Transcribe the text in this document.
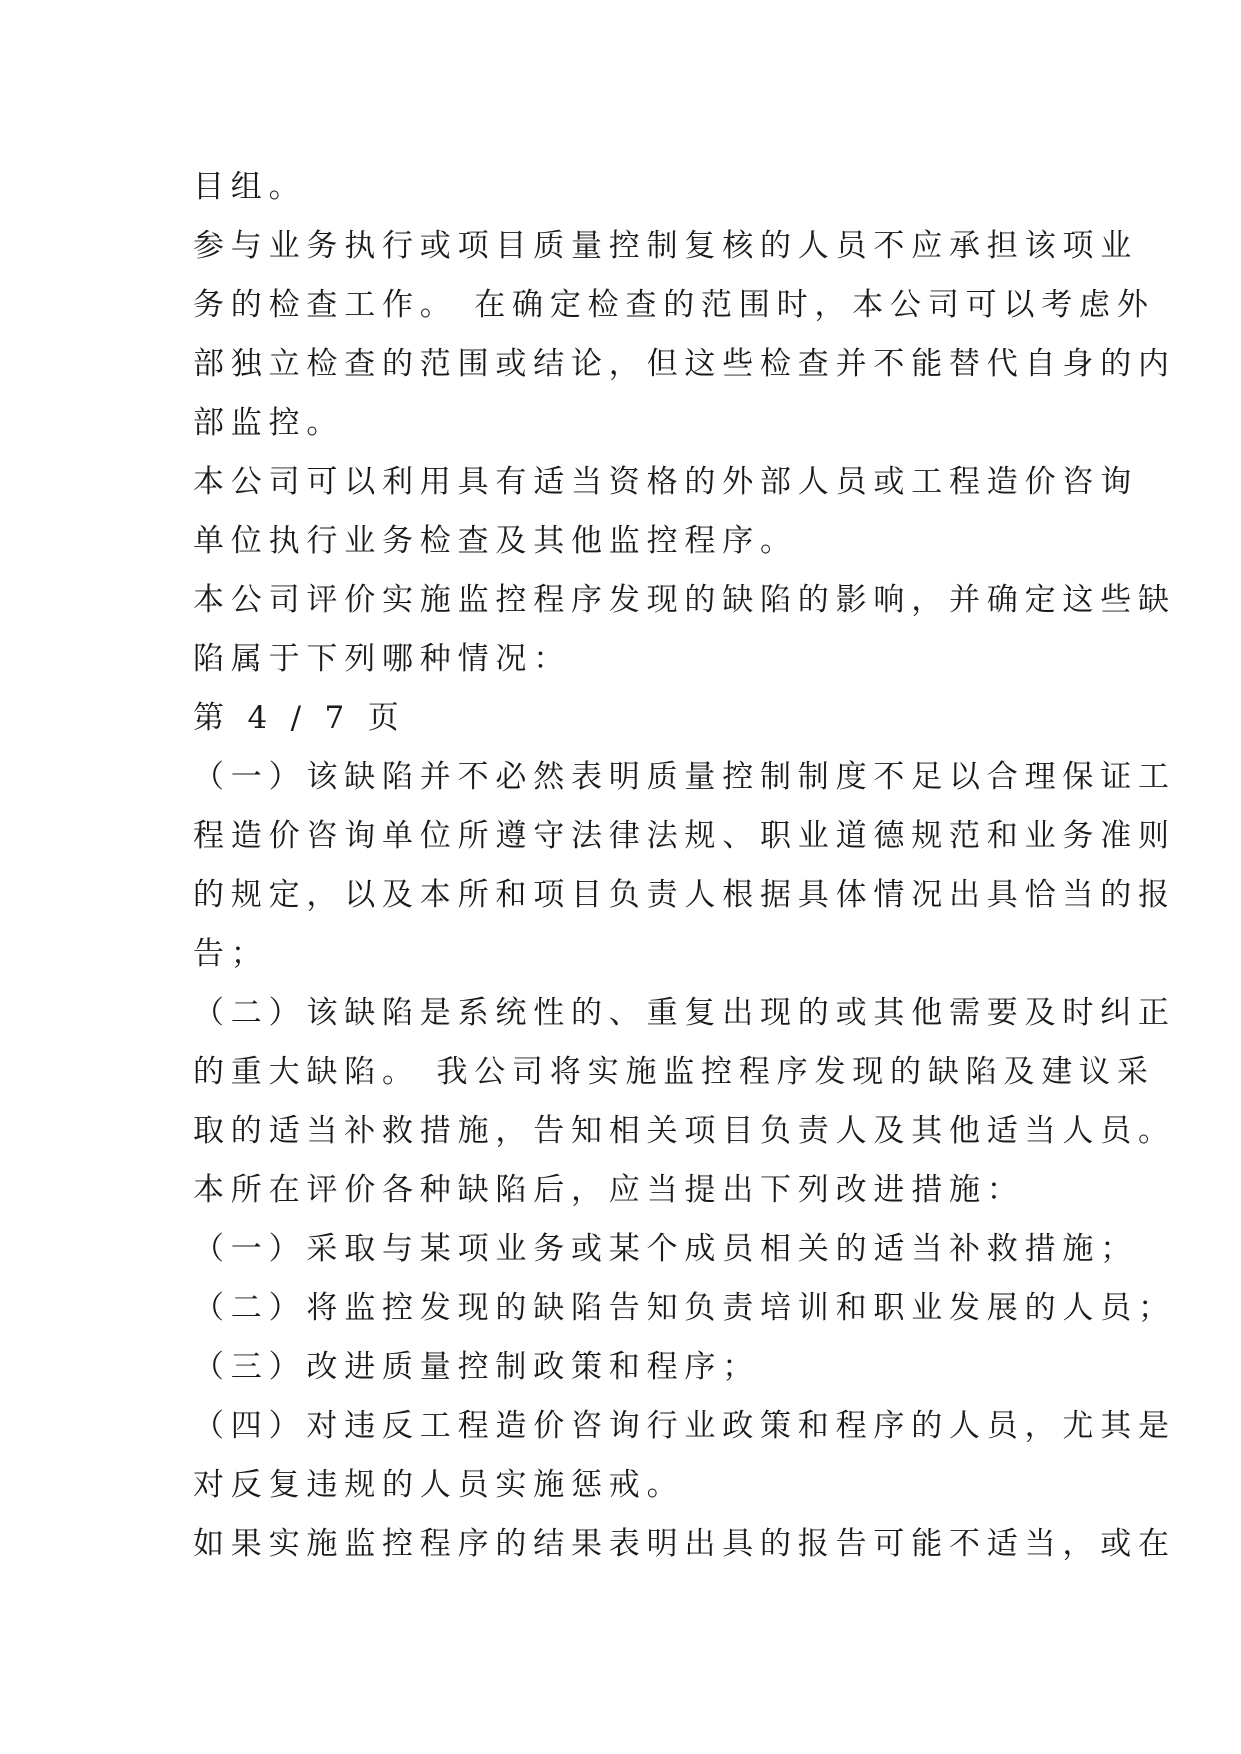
目组。
参与业务执行或项目质量控制复核的人员不应承担该项业
务的检查工作。 在确定检查的范围时，本公司可以考虑外
部独立检查的范围或结论，但这些检查并不能替代自身的内
部监控。
本公司可以利用具有适当资格的外部人员或工程造价咨询
单位执行业务检查及其他监控程序。
本公司评价实施监控程序发现的缺陷的影响，并确定这些缺
陷属于下列哪种情况：
第 4 / 7 页
（一）该缺陷并不必然表明质量控制制度不足以合理保证工
程造价咨询单位所遵守法律法规、职业道德规范和业务准则
的规定，以及本所和项目负责人根据具体情况出具恰当的报
告；
（二）该缺陷是系统性的、重复出现的或其他需要及时纠正
的重大缺陷。 我公司将实施监控程序发现的缺陷及建议采
取的适当补救措施，告知相关项目负责人及其他适当人员。
本所在评价各种缺陷后，应当提出下列改进措施：
（一）采取与某项业务或某个成员相关的适当补救措施；
（二）将监控发现的缺陷告知负责培训和职业发展的人员；
（三）改进质量控制政策和程序；
（四）对违反工程造价咨询行业政策和程序的人员，尤其是
对反复违规的人员实施惩戒。
如果实施监控程序的结果表明出具的报告可能不适当，或在
